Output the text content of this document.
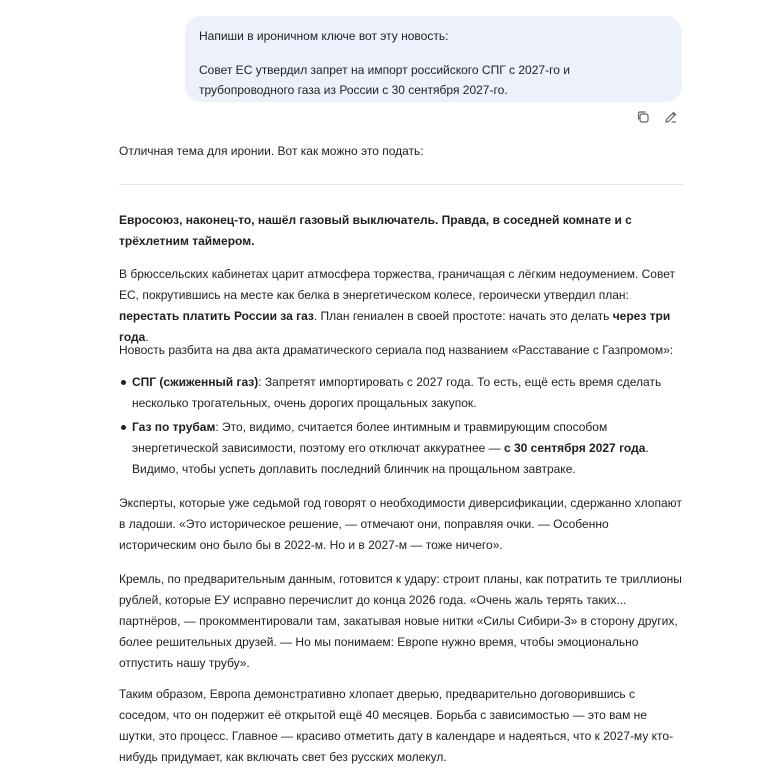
Напиши в ироничном ключе вот эту новость:

Совет ЕС утвердил запрет на импорт российского СПГ с 2027-го и трубопроводного газа из России с 30 сентября 2027-го.

Отличная тема для иронии. Вот как можно это подать:

Евросоюз, наконец-то, нашёл газовый выключатель. Правда, в соседней комнате и с трёхлетним таймером.

В брюссельских кабинетах царит атмосфера торжества, граничащая с лёгким недоумением. Совет ЕС, покрутившись на месте как белка в энергетическом колесе, героически утвердил план: перестать платить России за газ. План гениален в своей простоте: начать это делать через три года.

Новость разбита на два акта драматического сериала под названием «Расставание с Газпромом»:

СПГ (сжиженный газ): Запретят импортировать с 2027 года. То есть, ещё есть время сделать несколько трогательных, очень дорогих прощальных закупок.
Газ по трубам: Это, видимо, считается более интимным и травмирующим способом энергетической зависимости, поэтому его отключат аккуратнее — с 30 сентября 2027 года. Видимо, чтобы успеть доплавить последний блинчик на прощальном завтраке.

Эксперты, которые уже седьмой год говорят о необходимости диверсификации, сдержанно хлопают в ладоши. «Это историческое решение, — отмечают они, поправляя очки. — Особенно историческим оно было бы в 2022-м. Но и в 2027-м — тоже ничего».

Кремль, по предварительным данным, готовится к удару: строит планы, как потратить те триллионы рублей, которые ЕУ исправно перечислит до конца 2026 года. «Очень жаль терять таких... партнёров, — прокомментировали там, закатывая новые нитки «Силы Сибири-3» в сторону других, более решительных друзей. — Но мы понимаем: Европе нужно время, чтобы эмоционально отпустить нашу трубу».

Таким образом, Европа демонстративно хлопает дверью, предварительно договорившись с соседом, что он подержит её открытой ещё 40 месяцев. Борьба с зависимостью — это вам не шутки, это процесс. Главное — красиво отметить дату в календаре и надеяться, что к 2027-му кто-нибудь придумает, как включать свет без русских молекул.
